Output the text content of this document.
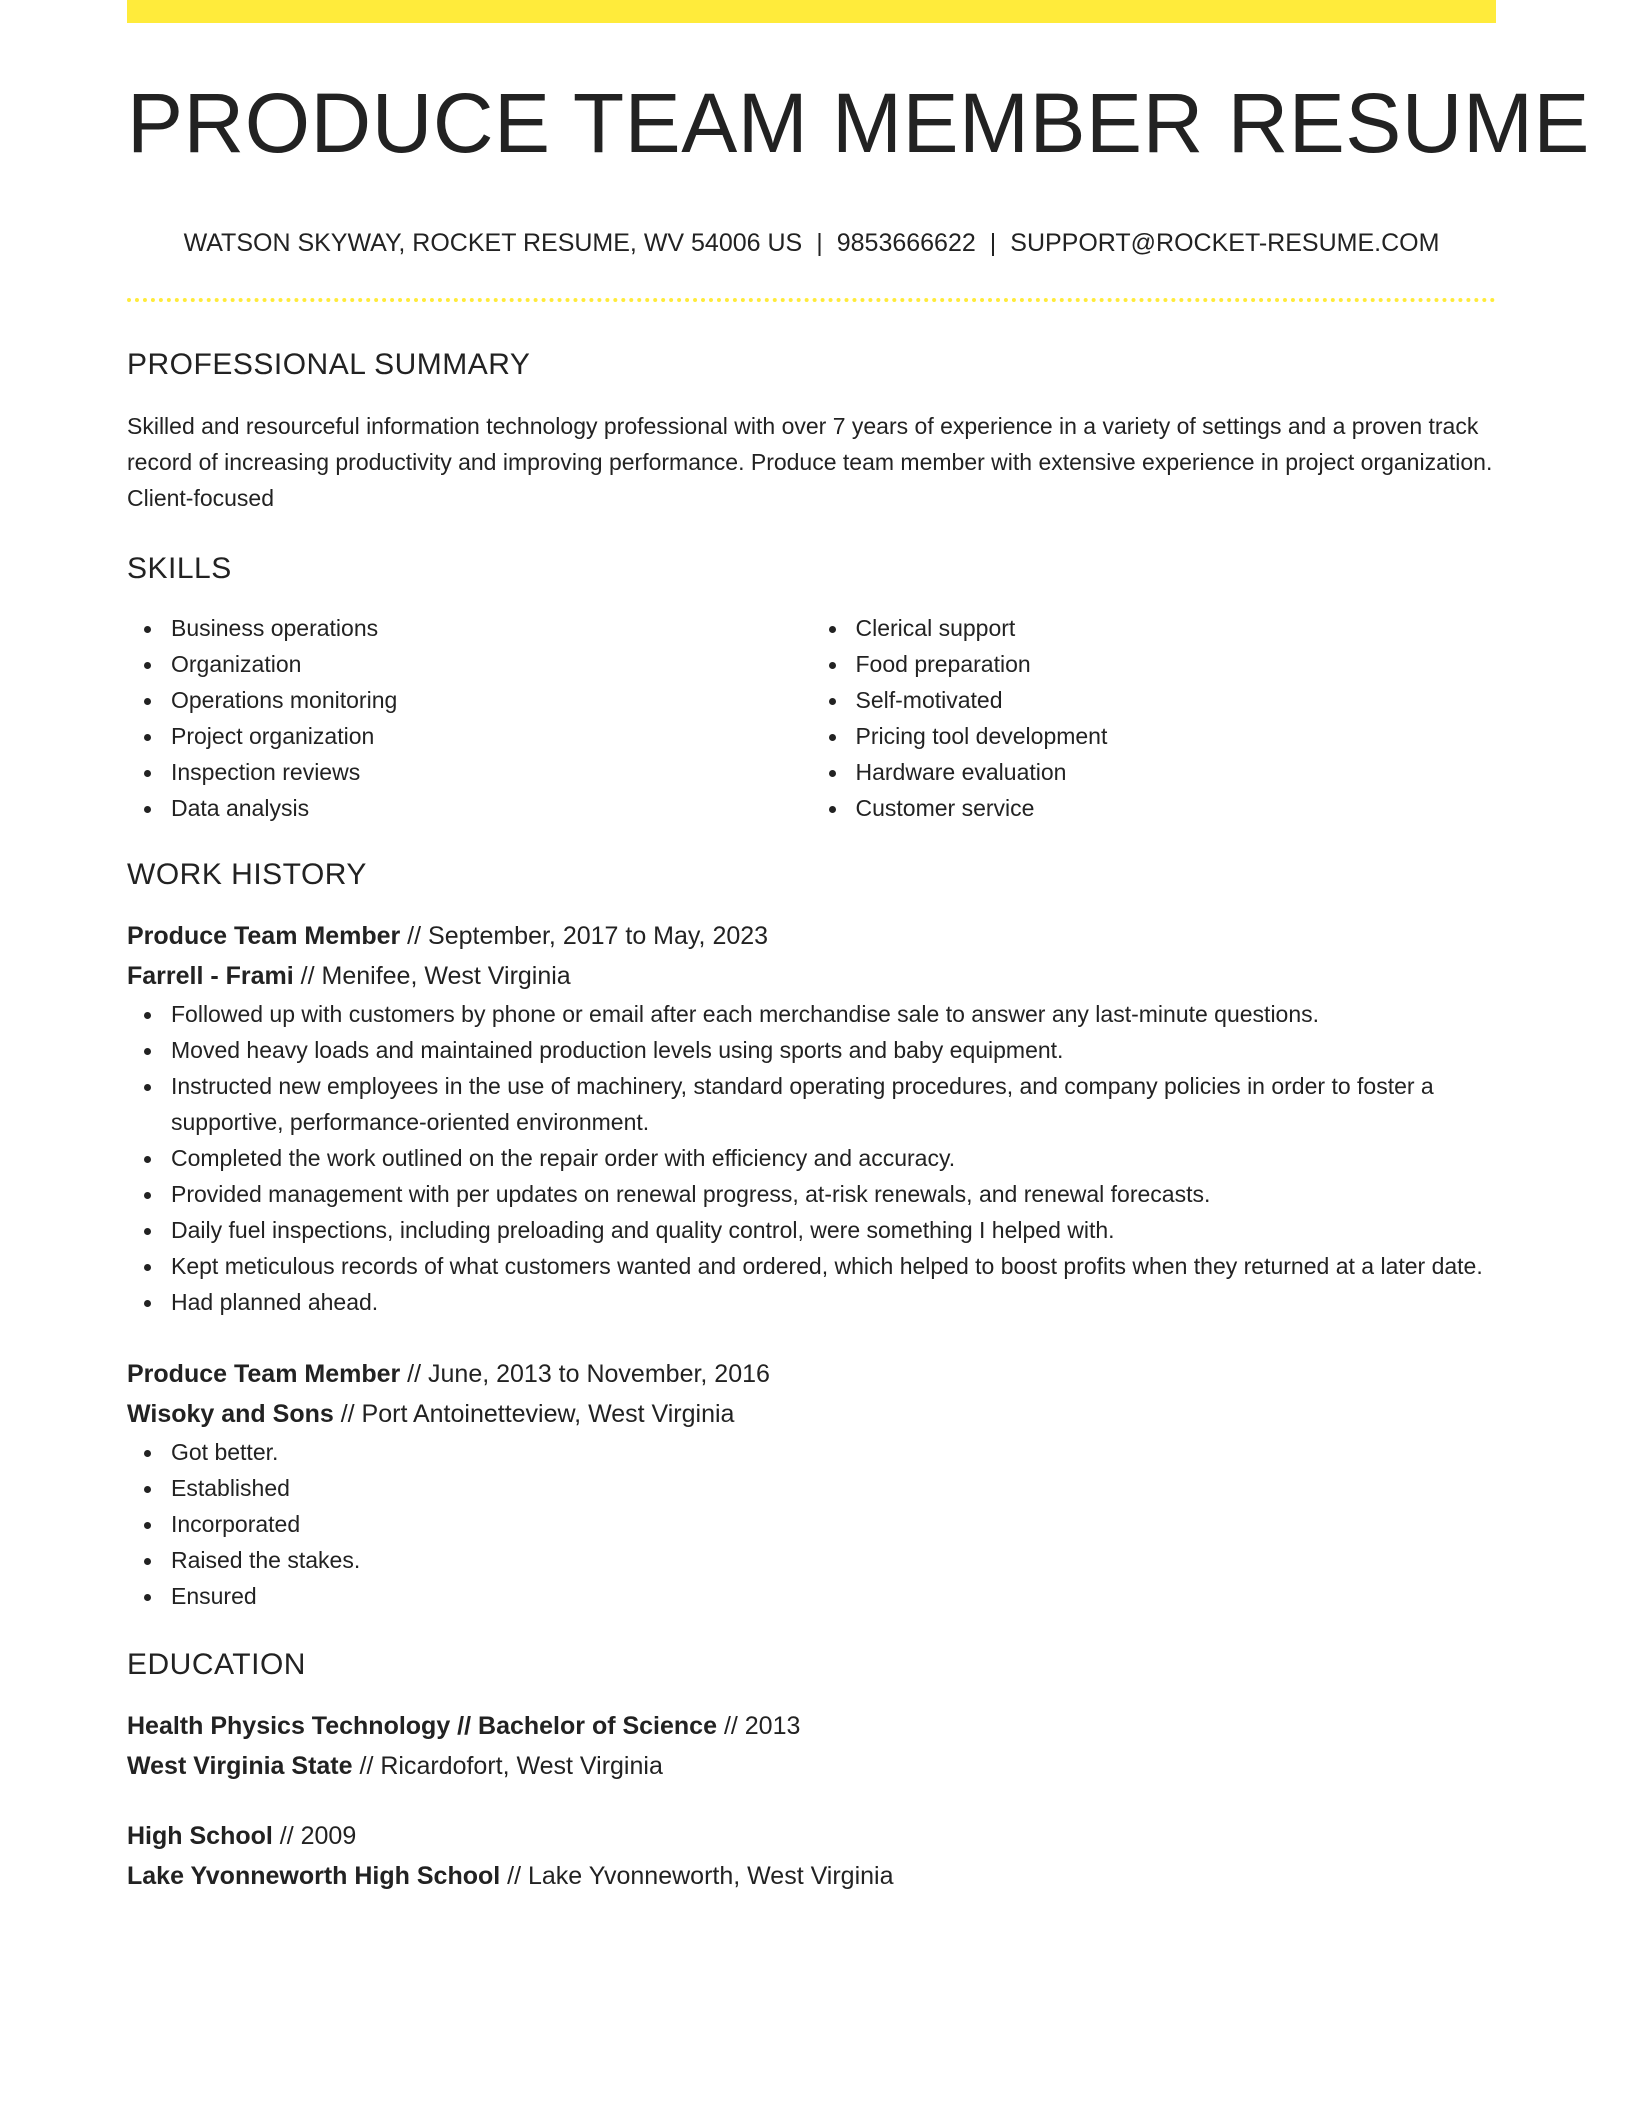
PRODUCE TEAM MEMBER RESUME
WATSON SKYWAY, ROCKET RESUME, WV 54006 US | 9853666622 | SUPPORT@ROCKET-RESUME.COM
PROFESSIONAL SUMMARY
Skilled and resourceful information technology professional with over 7 years of experience in a variety of settings and a proven track record of increasing productivity and improving performance. Produce team member with extensive experience in project organization. Client-focused
SKILLS
Business operations
Organization
Operations monitoring
Project organization
Inspection reviews
Data analysis
Clerical support
Food preparation
Self-motivated
Pricing tool development
Hardware evaluation
Customer service
WORK HISTORY
Produce Team Member // September, 2017 to May, 2023
Farrell - Frami // Menifee, West Virginia
Followed up with customers by phone or email after each merchandise sale to answer any last-minute questions.
Moved heavy loads and maintained production levels using sports and baby equipment.
Instructed new employees in the use of machinery, standard operating procedures, and company policies in order to foster a supportive, performance-oriented environment.
Completed the work outlined on the repair order with efficiency and accuracy.
Provided management with per updates on renewal progress, at-risk renewals, and renewal forecasts.
Daily fuel inspections, including preloading and quality control, were something I helped with.
Kept meticulous records of what customers wanted and ordered, which helped to boost profits when they returned at a later date.
Had planned ahead.
Produce Team Member // June, 2013 to November, 2016
Wisoky and Sons // Port Antoinetteview, West Virginia
Got better.
Established
Incorporated
Raised the stakes.
Ensured
EDUCATION
Health Physics Technology // Bachelor of Science // 2013
West Virginia State // Ricardofort, West Virginia
High School // 2009
Lake Yvonneworth High School // Lake Yvonneworth, West Virginia
